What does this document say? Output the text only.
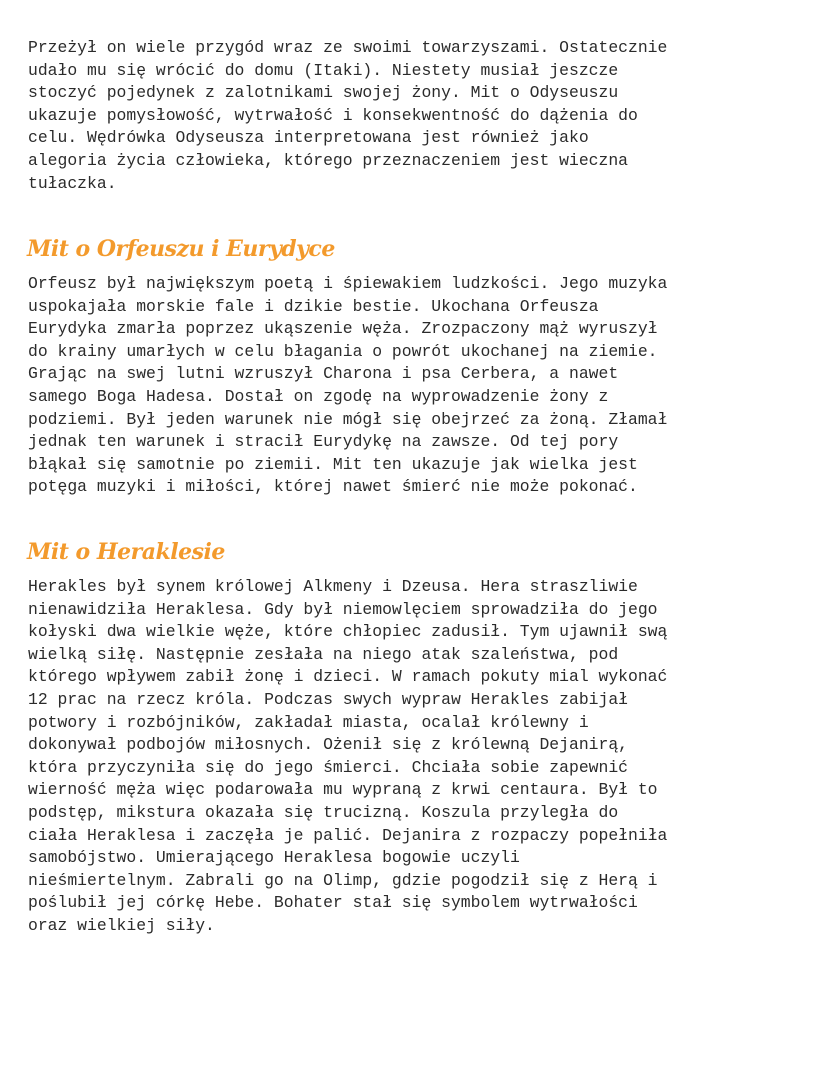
Przeżył on wiele przygód wraz ze swoimi towarzyszami. Ostatecznie
udało mu się wrócić do domu (Itaki). Niestety musiał jeszcze
stoczyć pojedynek z zalotnikami swojej żony. Mit o Odyseuszu
ukazuje pomysłowość, wytrwałość i konsekwentność do dążenia do
celu. Wędrówka Odyseusza interpretowana jest również jako
alegoria życia człowieka, którego przeznaczeniem jest wieczna
tułaczka.

Mit o Orfeuszu i Eurydyce

Orfeusz był największym poetą i śpiewakiem ludzkości. Jego muzyka
uspokajała morskie fale i dzikie bestie. Ukochana Orfeusza
Eurydyka zmarła poprzez ukąszenie węża. Zrozpaczony mąż wyruszył
do krainy umarłych w celu błagania o powrót ukochanej na ziemie.
Grając na swej lutni wzruszył Charona i psa Cerbera, a nawet
samego Boga Hadesa. Dostał on zgodę na wyprowadzenie żony z
podziemi. Był jeden warunek nie mógł się obejrzeć za żoną. Złamał
jednak ten warunek i stracił Eurydykę na zawsze. Od tej pory
błąkał się samotnie po ziemii. Mit ten ukazuje jak wielka jest
potęga muzyki i miłości, której nawet śmierć nie może pokonać.

Mit o Heraklesie

Herakles był synem królowej Alkmeny i Dzeusa. Hera straszliwie
nienawidziła Heraklesa. Gdy był niemowlęciem sprowadziła do jego
kołyski dwa wielkie węże, które chłopiec zadusił. Tym ujawnił swą
wielką siłę. Następnie zesłała na niego atak szaleństwa, pod
którego wpływem zabił żonę i dzieci. W ramach pokuty mial wykonać
12 prac na rzecz króla. Podczas swych wypraw Herakles zabijał
potwory i rozbójników, zakładał miasta, ocalał królewny i
dokonywał podbojów miłosnych. Ożenił się z królewną Dejanirą,
która przyczyniła się do jego śmierci. Chciała sobie zapewnić
wierność męża więc podarowała mu wypraną z krwi centaura. Był to
podstęp, mikstura okazała się trucizną. Koszula przyległa do
ciała Heraklesa i zaczęła je palić. Dejanira z rozpaczy popełniła
samobójstwo. Umierającego Heraklesa bogowie uczyli
nieśmiertelnym. Zabrali go na Olimp, gdzie pogodził się z Herą i
poślubił jej córkę Hebe. Bohater stał się symbolem wytrwałości
oraz wielkiej siły.
